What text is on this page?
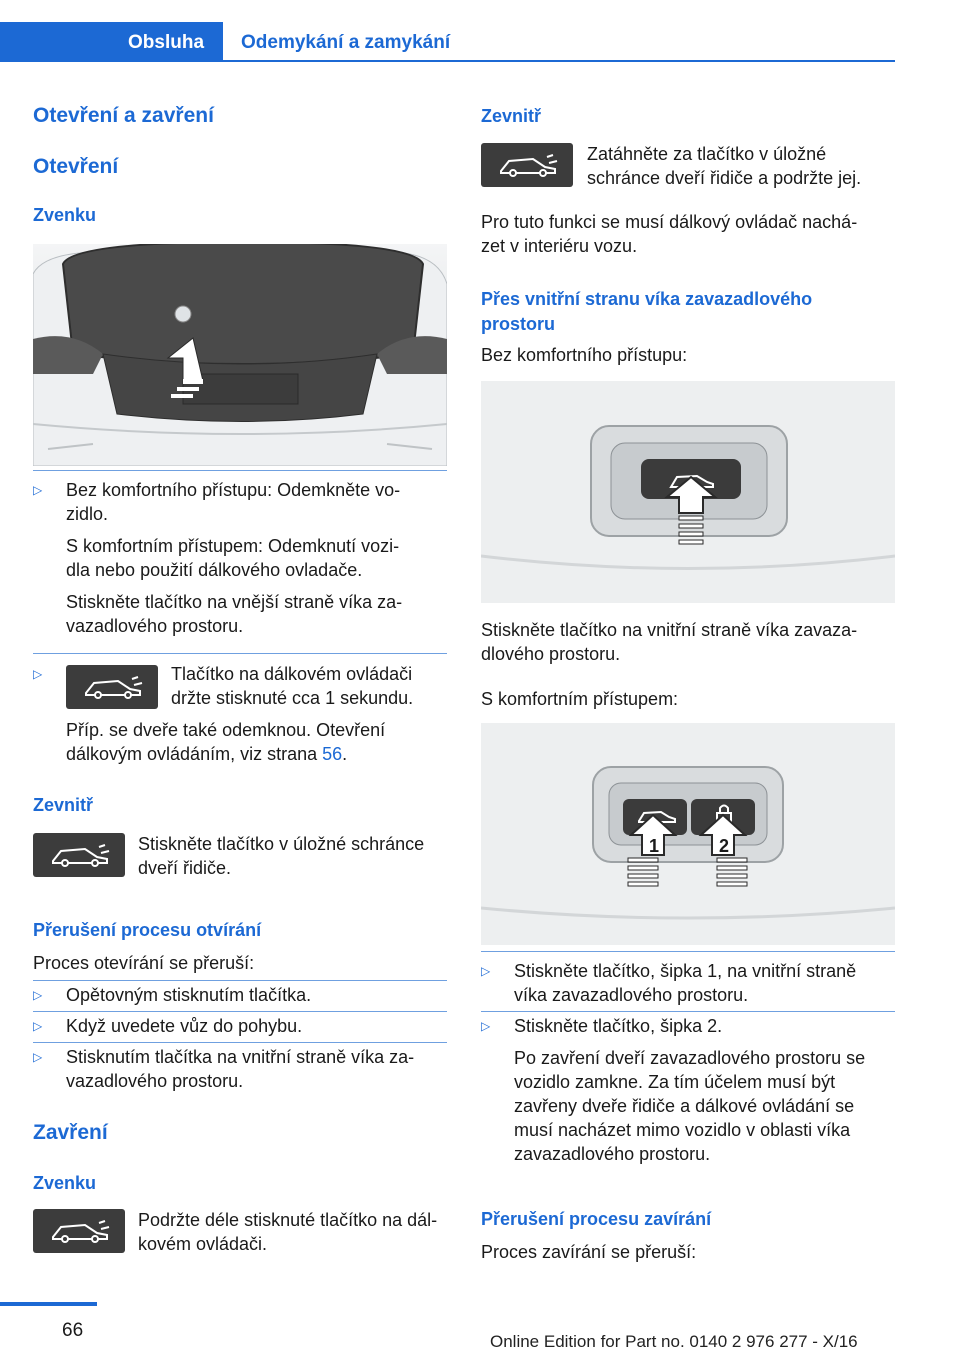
Obsluha	Odemykání a zamykání
Otevření a zavření
Otevření
Zvenku
▷ Bez komfortního přístupu: Odemkněte vo‐
zidlo.
S komfortním přístupem: Odemknutí vozi‐
dla nebo použití dálkového ovladače.
Stiskněte tlačítko na vnější straně víka za‐
vazadlového prostoru.
▷	Tlačítko na dálkovém ovládači
držte stisknuté cca 1 sekundu.
Příp. se dveře také odemknou. Otevření
dálkovým ovládáním, viz strana 56.
Zevnitř
Stiskněte tlačítko v úložné schránce
dveří řidiče.
Přerušení procesu otvírání
Proces otevírání se přeruší:
▷ Opětovným stisknutím tlačítka.
▷ Když uvedete vůz do pohybu.
▷ Stisknutím tlačítka na vnitřní straně víka za‐
vazadlového prostoru.
Zavření
Zvenku
Podržte déle stisknuté tlačítko na dál‐
kovém ovládači.
Zevnitř
Zatáhněte za tlačítko v úložné
schránce dveří řidiče a podržte jej.
Pro tuto funkci se musí dálkový ovládač nachá‐
zet v interiéru vozu.
Přes vnitřní stranu víka zavazadlového
prostoru
Bez komfortního přístupu:
Stiskněte tlačítko na vnitřní straně víka zavaza‐
dlového prostoru.
S komfortním přístupem:
1	2
▷ Stiskněte tlačítko, šipka 1, na vnitřní straně
víka zavazadlového prostoru.
▷ Stiskněte tlačítko, šipka 2.
Po zavření dveří zavazadlového prostoru se
vozidlo zamkne. Za tím účelem musí být
zavřeny dveře řidiče a dálkové ovládání se
musí nacházet mimo vozidlo v oblasti víka
zavazadlového prostoru.
Přerušení procesu zavírání
Proces zavírání se přeruší:
66
Online Edition for Part no. 0140 2 976 277 - X/16
